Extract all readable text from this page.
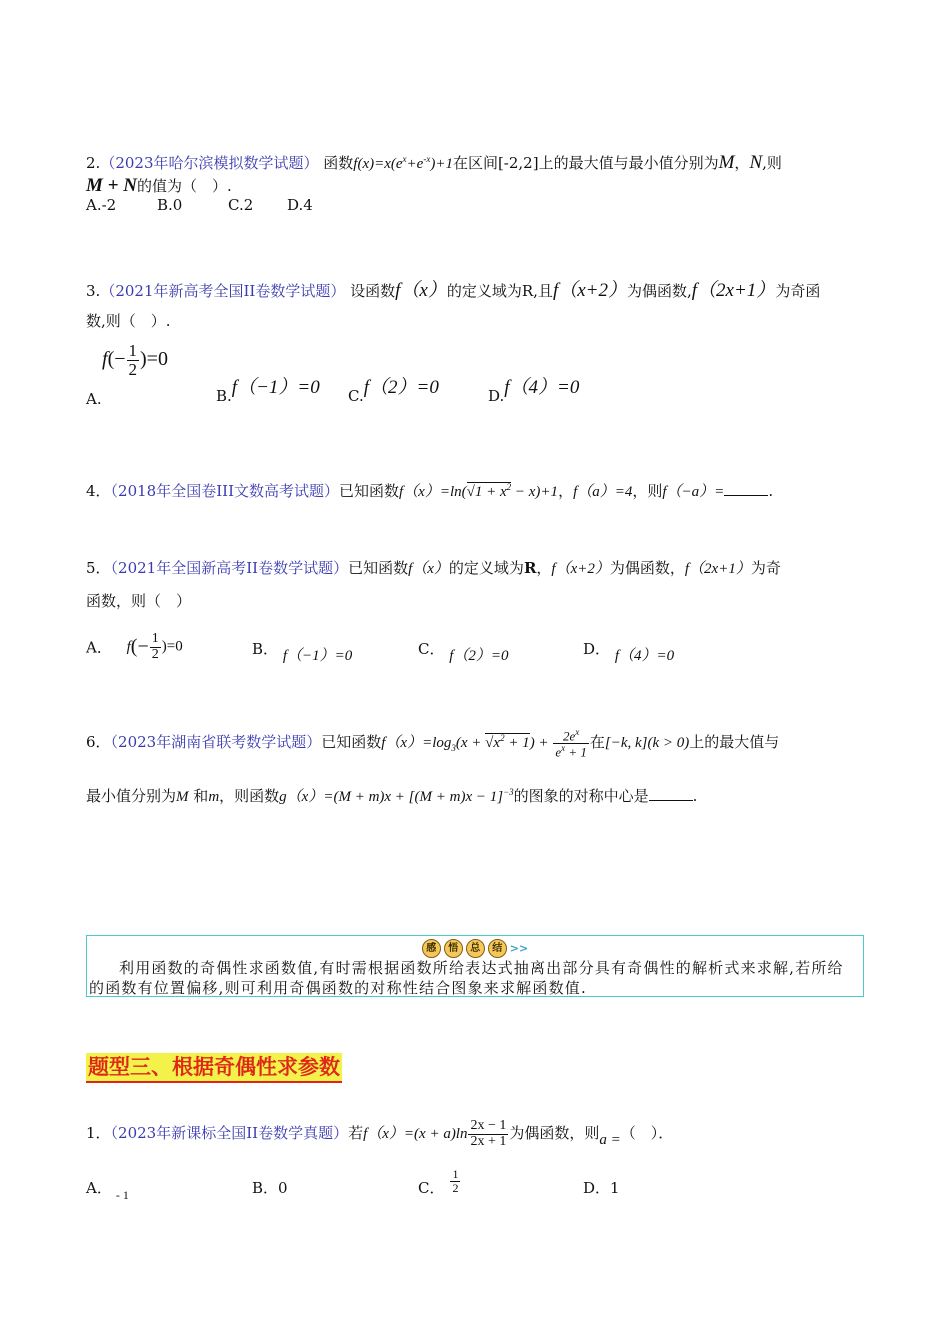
2.（2023年哈尔滨模拟数学试题） 函数$f(x)=x(e^x+e^{-x})+1$在区间[-2,2]上的最大值与最小值分别为M，N,则
M + N的值为（　）.
A.-2	B.0	C.2 D.4
3.（2021年新高考全国II卷数学试题） 设函数f（x）的定义域为R,且f（x+2）为偶函数,f（2x+1）为奇函
数,则（　）.
$f(- \frac{1}{2} )=0$
A.	B.f（−1）=0 C.f（2）=0	D.f（4）=0
4．（2018年全国卷III文数高考试题）已知函数$f(x)=\ln(√1 + x^2 - x)+1$，f（a）=4，则f（−a）=	.
5．（2021年全国新高考II卷数学试题）已知函数f（x）的定义域为R，f（x+2）为偶函数，f（2x+1）为奇
函数，则（　）
A． $f(- \frac{1}{2} )=0$	B． f（−1）=0	C． f（2）=0	D． f（4）=0
6．（2023年湖南省联考数学试题）已知函数$f(x)=\log_3(x + √x^2 + 1) + \frac{2e^x}{e^x + 1}$ 在[−k, k](k > 0)上的最大值与
最小值分别为M 和m，则函数$g(x)=(M + m)x + [(M + m)x - 1]^{-3}$的图象的对称中心是	.
感	悟	总	结 >>
利用函数的奇偶性求函数值,有时需根据函数所给表达式抽离出部分具有奇偶性的解析式来求解,若所给的函数有位置偏移,则可利用奇偶函数的对称性结合图象来求解函数值.
题型三、根据奇偶性求参数
1．（2023年新课标全国II卷数学真题）若$f(x)=(x + a)\ln \frac{2x - 1}{2x + 1}$ 为偶函数，则a =（　）．
A． $_{- 1}$	B．0	C． $\frac{1}{2}$	D．1
